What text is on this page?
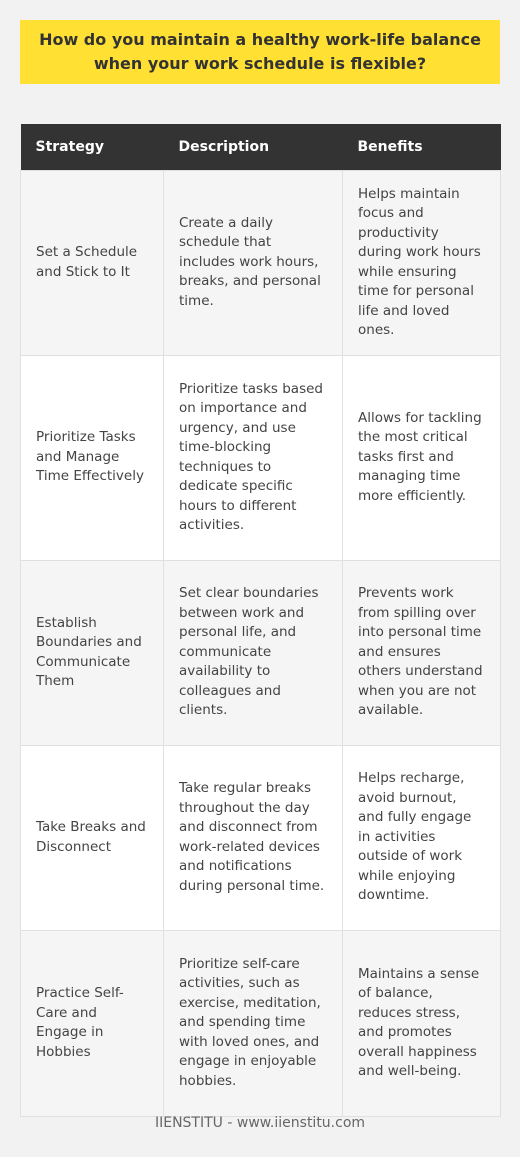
How do you maintain a healthy work-life balance when your work schedule is flexible?
Strategy	Description	Benefits
Set a Schedule and Stick to It	Create a daily schedule that includes work hours, breaks, and personal time.	Helps maintain focus and productivity during work hours while ensuring time for personal life and loved ones.
Prioritize Tasks and Manage Time Effectively	Prioritize tasks based on importance and urgency, and use time-blocking techniques to dedicate specific hours to different activities.	Allows for tackling the most critical tasks first and managing time more efficiently.
Establish Boundaries and Communicate Them	Set clear boundaries between work and personal life, and communicate availability to colleagues and clients.	Prevents work from spilling over into personal time and ensures others understand when you are not available.
Take Breaks and Disconnect	Take regular breaks throughout the day and disconnect from work-related devices and notifications during personal time.	Helps recharge, avoid burnout, and fully engage in activities outside of work while enjoying downtime.
Practice Self-Care and Engage in Hobbies	Prioritize self-care activities, such as exercise, meditation, and spending time with loved ones, and engage in enjoyable hobbies.	Maintains a sense of balance, reduces stress, and promotes overall happiness and well-being.
IIENSTITU - www.iienstitu.com
